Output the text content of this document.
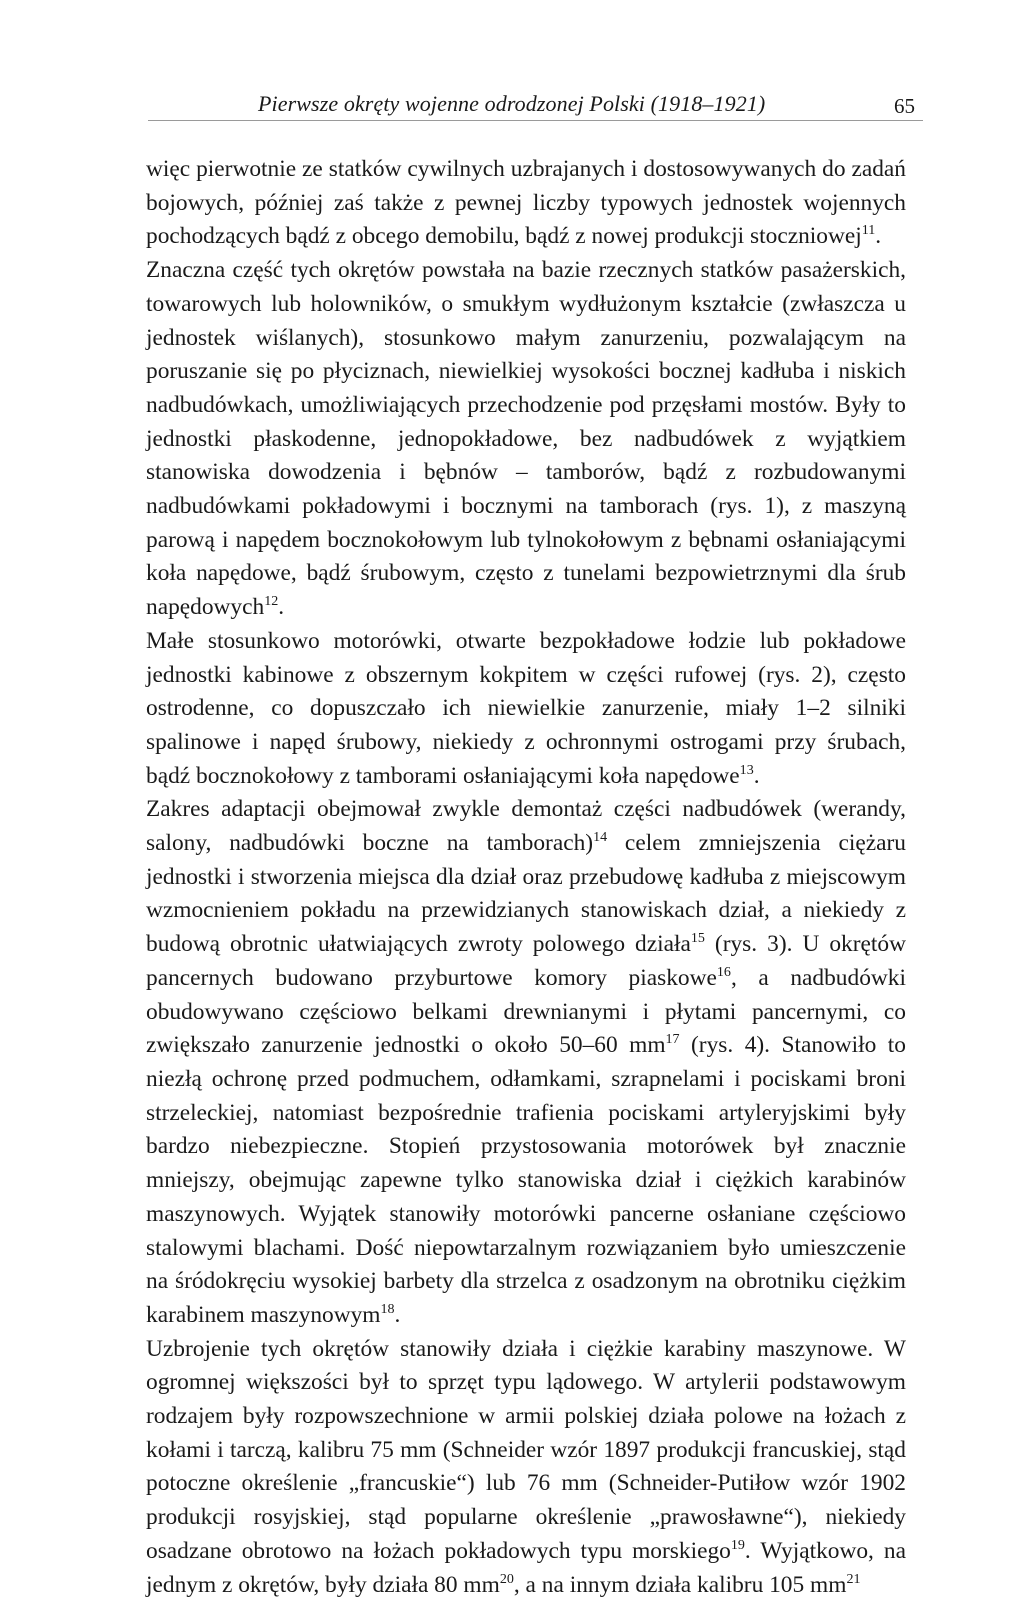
Pierwsze okręty wojenne odrodzonej Polski (1918–1921)	65

więc pierwotnie ze statków cywilnych uzbrajanych i dostosowywanych do zadań bojowych, później zaś także z pewnej liczby typowych jednostek wojennych pochodzących bądź z obcego demobilu, bądź z nowej produkcji stoczniowej$^{11}$.

Znaczna część tych okrętów powstała na bazie rzecznych statków pasażerskich, towarowych lub holowników, o smukłym wydłużonym kształcie (zwłaszcza u jednostek wiślanych), stosunkowo małym zanurzeniu, pozwalającym na poruszanie się po płyciznach, niewielkiej wysokości bocznej kadłuba i niskich nadbudówkach, umożliwiających przechodzenie pod przęsłami mostów. Były to jednostki płaskodenne, jednopokładowe, bez nadbudówek z wyjątkiem stanowiska dowodzenia i bębnów – tamborów, bądź z rozbudowanymi nadbudówkami pokładowymi i bocznymi na tamborach (rys. 1), z maszyną parową i napędem bocznokołowym lub tylnokołowym z bębnami osłaniającymi koła napędowe, bądź śrubowym, często z tunelami bezpowietrznymi dla śrub napędowych$^{12}$.

Małe stosunkowo motorówki, otwarte bezpokładowe łodzie lub pokładowe jednostki kabinowe z obszernym kokpitem w części rufowej (rys. 2), często ostrodenne, co dopuszczało ich niewielkie zanurzenie, miały 1–2 silniki spalinowe i napęd śrubowy, niekiedy z ochronnymi ostrogami przy śrubach, bądź bocznokołowy z tamborami osłaniającymi koła napędowe$^{13}$.

Zakres adaptacji obejmował zwykle demontaż części nadbudówek (werandy, salony, nadbudówki boczne na tamborach)$^{14}$ celem zmniejszenia ciężaru jednostki i stworzenia miejsca dla dział oraz przebudowę kadłuba z miejscowym wzmocnieniem pokładu na przewidzianych stanowiskach dział, a niekiedy z budową obrotnic ułatwiających zwroty polowego działa$^{15}$ (rys. 3). U okrętów pancernych budowano przyburtowe komory piaskowe$^{16}$, a nadbudówki obudowywano częściowo belkami drewnianymi i płytami pancernymi, co zwiększało zanurzenie jednostki o około 50–60 $mm^{17}$ (rys. 4). Stanowiło to niezłą ochronę przed podmuchem, odłamkami, szrapnelami i pociskami broni strzeleckiej, natomiast bezpośrednie trafienia pociskami artyleryjskimi były bardzo niebezpieczne. Stopień przystosowania motorówek był znacznie mniejszy, obejmując zapewne tylko stanowiska dział i ciężkich karabinów maszynowych. Wyjątek stanowiły motorówki pancerne osłaniane częściowo stalowymi blachami. Dość niepowtarzalnym rozwiązaniem było umieszczenie na śródokręciu wysokiej barbety dla strzelca z osadzonym na obrotniku ciężkim karabinem maszynowym$^{18}$.

Uzbrojenie tych okrętów stanowiły działa i ciężkie karabiny maszynowe. W ogromnej większości był to sprzęt typu lądowego. W artylerii podstawowym rodzajem były rozpowszechnione w armii polskiej działa polowe na łożach z kołami i tarczą, kalibru 75 mm (Schneider wzór 1897 produkcji francuskiej, stąd potoczne określenie „francuskie“) lub 76 mm (Schneider-Putiłow wzór 1902 produkcji rosyjskiej, stąd popularne określenie „prawosławne“), niekiedy osadzane obrotowo na łożach pokładowych typu morskiego$^{19}$. Wyjątkowo, na jednym z okrętów, były działa 80 $mm^{20}$, a na innym działa kalibru 105 $mm^{21}$
